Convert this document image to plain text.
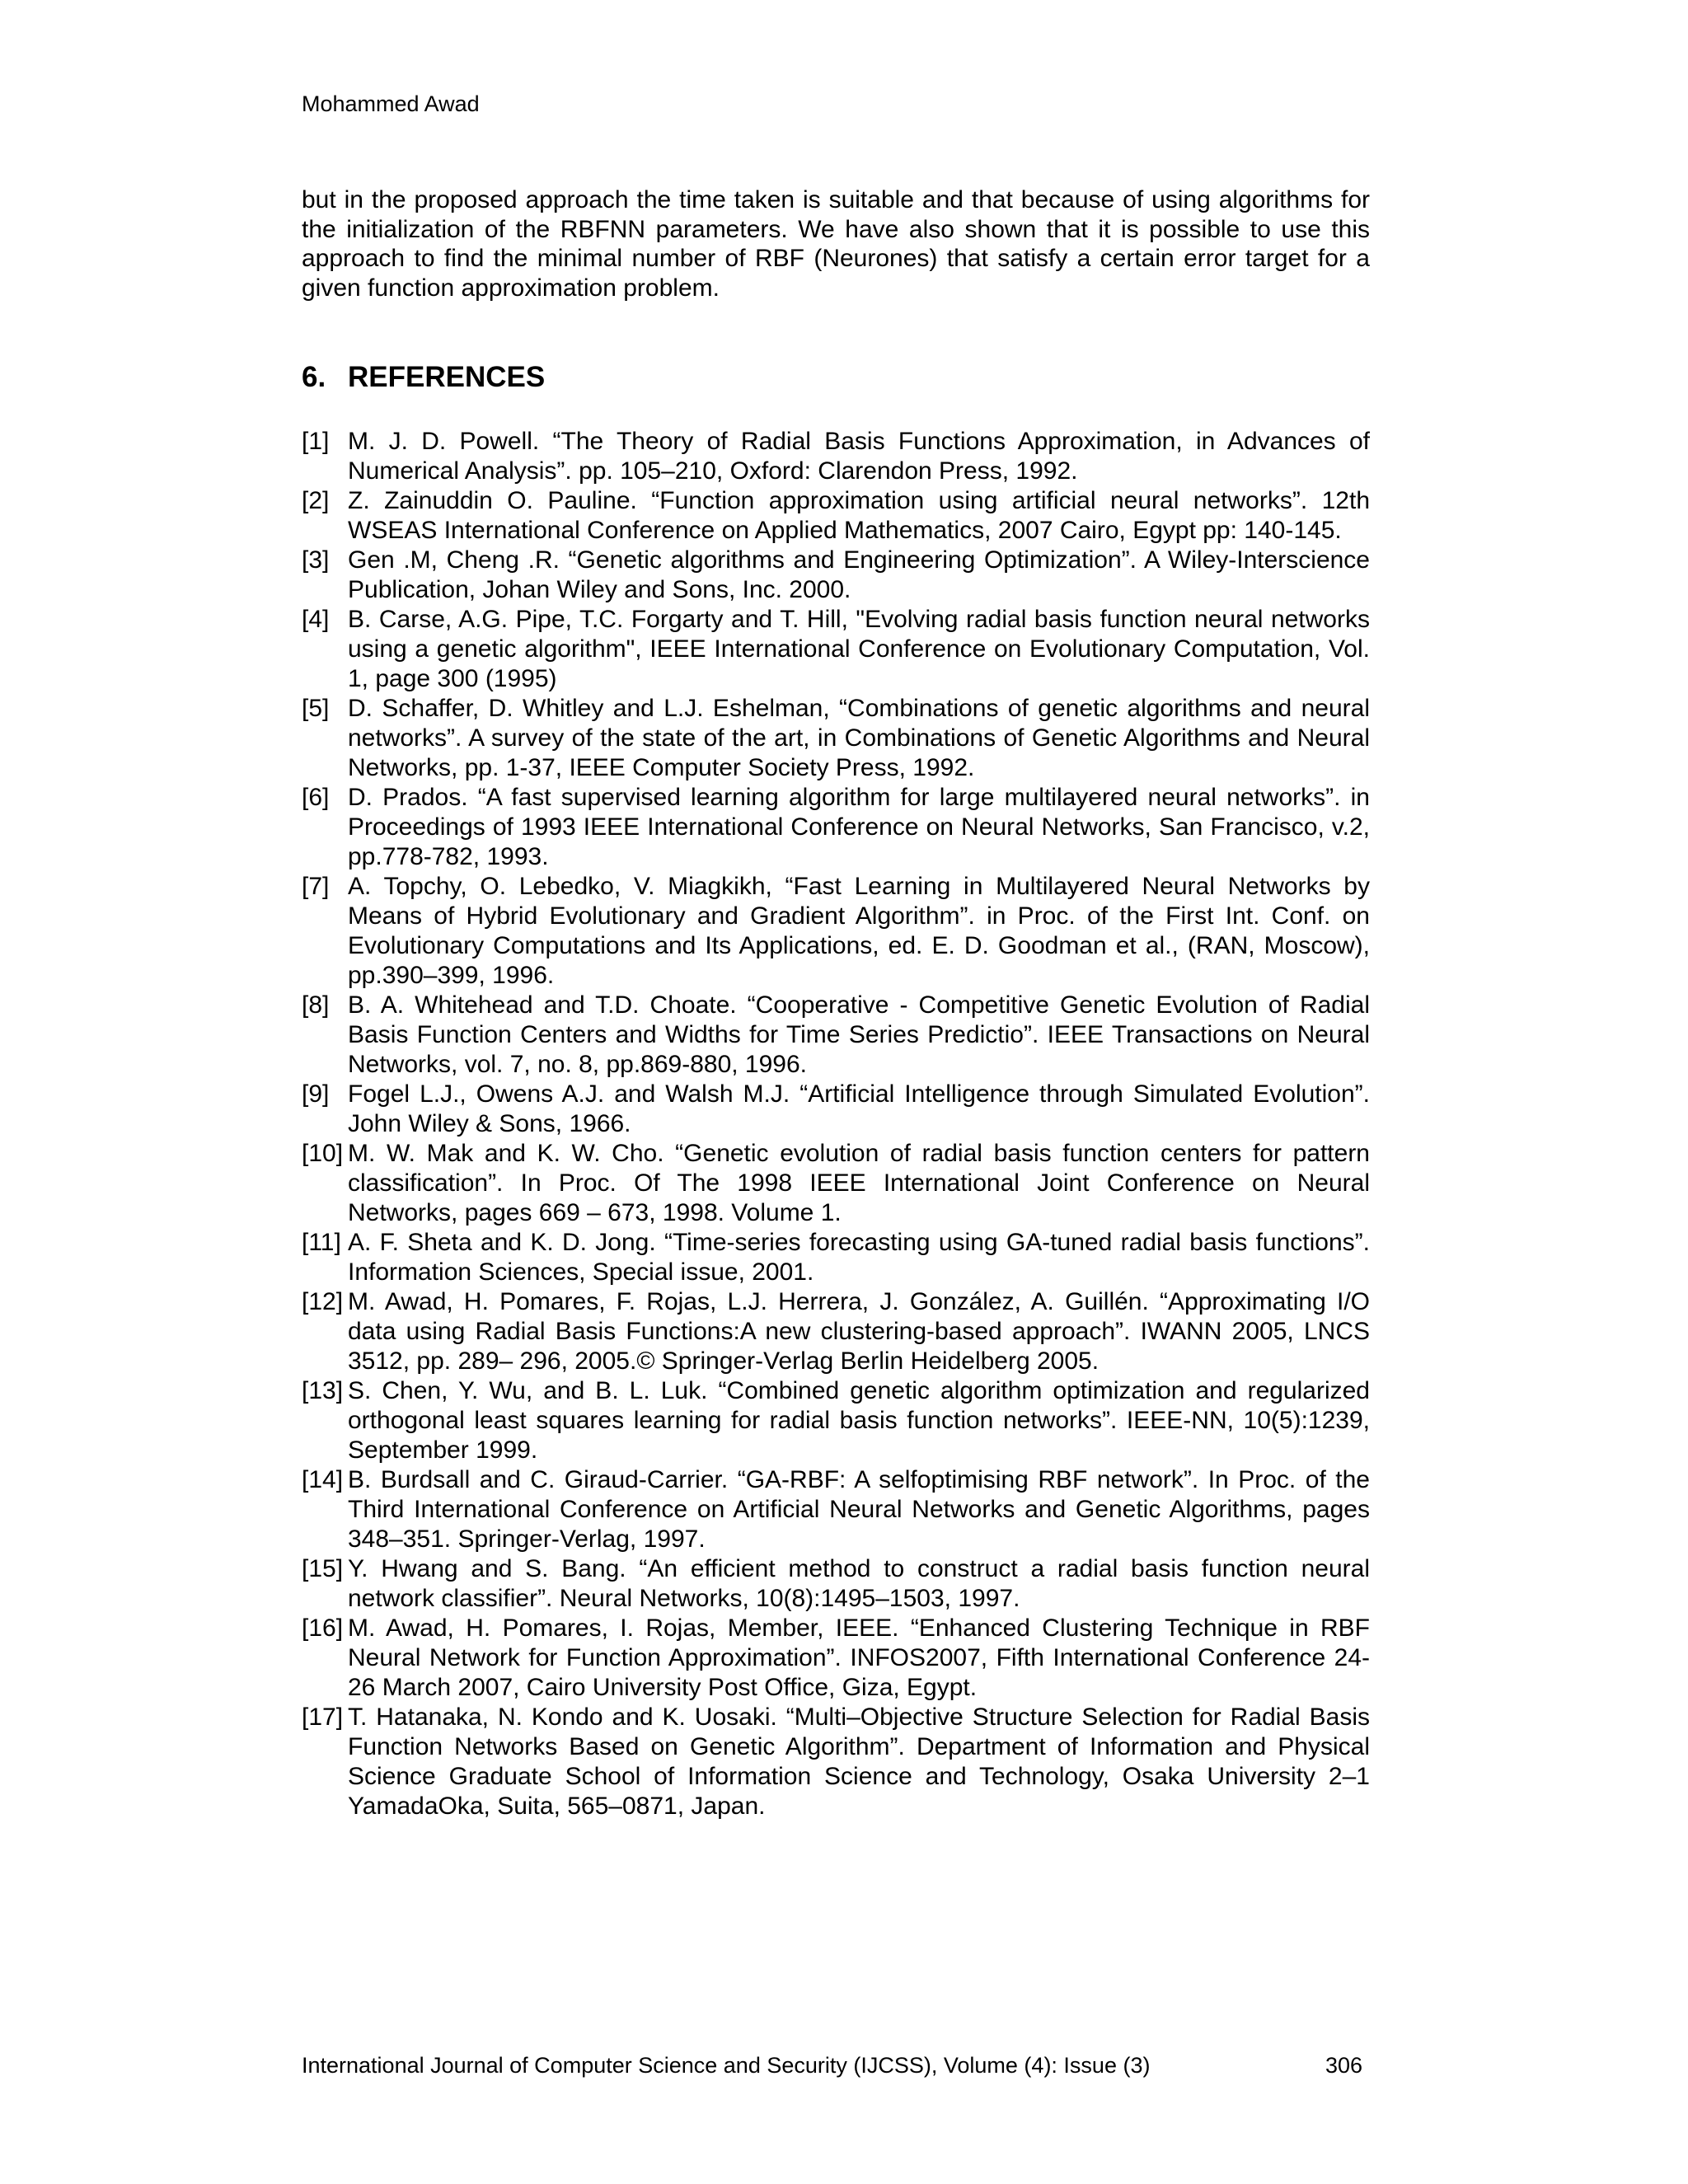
Mohammed Awad

but in the proposed approach the time taken is suitable and that because of using algorithms for the initialization of the RBFNN parameters. We have also shown that it is possible to use this approach to find the minimal number of RBF (Neurones) that satisfy a certain error target for a given function approximation problem.

6. REFERENCES
[1] M. J. D. Powell. “The Theory of Radial Basis Functions Approximation, in Advances of Numerical Analysis”. pp. 105–210, Oxford: Clarendon Press, 1992.
[2] Z. Zainuddin O. Pauline. “Function approximation using artificial neural networks”. 12th WSEAS International Conference on Applied Mathematics, 2007 Cairo, Egypt pp: 140-145.
[3] Gen .M, Cheng .R. “Genetic algorithms and Engineering Optimization”. A Wiley-Interscience Publication, Johan Wiley and Sons, Inc. 2000.
[4] B. Carse, A.G. Pipe, T.C. Forgarty and T. Hill, "Evolving radial basis function neural networks using a genetic algorithm", IEEE International Conference on Evolutionary Computation, Vol. 1, page 300 (1995)
[5] D. Schaffer, D. Whitley and L.J. Eshelman, “Combinations of genetic algorithms and neural networks”. A survey of the state of the art, in Combinations of Genetic Algorithms and Neural Networks, pp. 1-37, IEEE Computer Society Press, 1992.
[6] D. Prados. “A fast supervised learning algorithm for large multilayered neural networks”. in Proceedings of 1993 IEEE International Conference on Neural Networks, San Francisco, v.2, pp.778-782, 1993.
[7] A. Topchy, O. Lebedko, V. Miagkikh, “Fast Learning in Multilayered Neural Networks by Means of Hybrid Evolutionary and Gradient Algorithm”. in Proc. of the First Int. Conf. on Evolutionary Computations and Its Applications, ed. E. D. Goodman et al., (RAN, Moscow), pp.390–399, 1996.
[8] B. A. Whitehead and T.D. Choate. “Cooperative - Competitive Genetic Evolution of Radial Basis Function Centers and Widths for Time Series Predictio”. IEEE Transactions on Neural Networks, vol. 7, no. 8, pp.869-880, 1996.
[9] Fogel L.J., Owens A.J. and Walsh M.J. “Artificial Intelligence through Simulated Evolution”. John Wiley & Sons, 1966.
[10] M. W. Mak and K. W. Cho. “Genetic evolution of radial basis function centers for pattern classification”. In Proc. Of The 1998 IEEE International Joint Conference on Neural Networks, pages 669 – 673, 1998. Volume 1.
[11] A. F. Sheta and K. D. Jong. “Time-series forecasting using GA-tuned radial basis functions”. Information Sciences, Special issue, 2001.
[12] M. Awad, H. Pomares, F. Rojas, L.J. Herrera, J. González, A. Guillén. “Approximating I/O data using Radial Basis Functions:A new clustering-based approach”. IWANN 2005, LNCS 3512, pp. 289– 296, 2005.© Springer-Verlag Berlin Heidelberg 2005.
[13] S. Chen, Y. Wu, and B. L. Luk. “Combined genetic algorithm optimization and regularized orthogonal least squares learning for radial basis function networks”. IEEE-NN, 10(5):1239, September 1999.
[14] B. Burdsall and C. Giraud-Carrier. “GA-RBF: A selfoptimising RBF network”. In Proc. of the Third International Conference on Artificial Neural Networks and Genetic Algorithms, pages 348–351. Springer-Verlag, 1997.
[15] Y. Hwang and S. Bang. “An efficient method to construct a radial basis function neural network classifier”. Neural Networks, 10(8):1495–1503, 1997.
[16] M. Awad, H. Pomares, I. Rojas, Member, IEEE. “Enhanced Clustering Technique in RBF Neural Network for Function Approximation”. INFOS2007, Fifth International Conference 24-26 March 2007, Cairo University Post Office, Giza, Egypt.
[17] T. Hatanaka, N. Kondo and K. Uosaki. “Multi–Objective Structure Selection for Radial Basis Function Networks Based on Genetic Algorithm”. Department of Information and Physical Science Graduate School of Information Science and Technology, Osaka University 2–1 YamadaOka, Suita, 565–0871, Japan.
International Journal of Computer Science and Security (IJCSS), Volume (4): Issue (3)	306
